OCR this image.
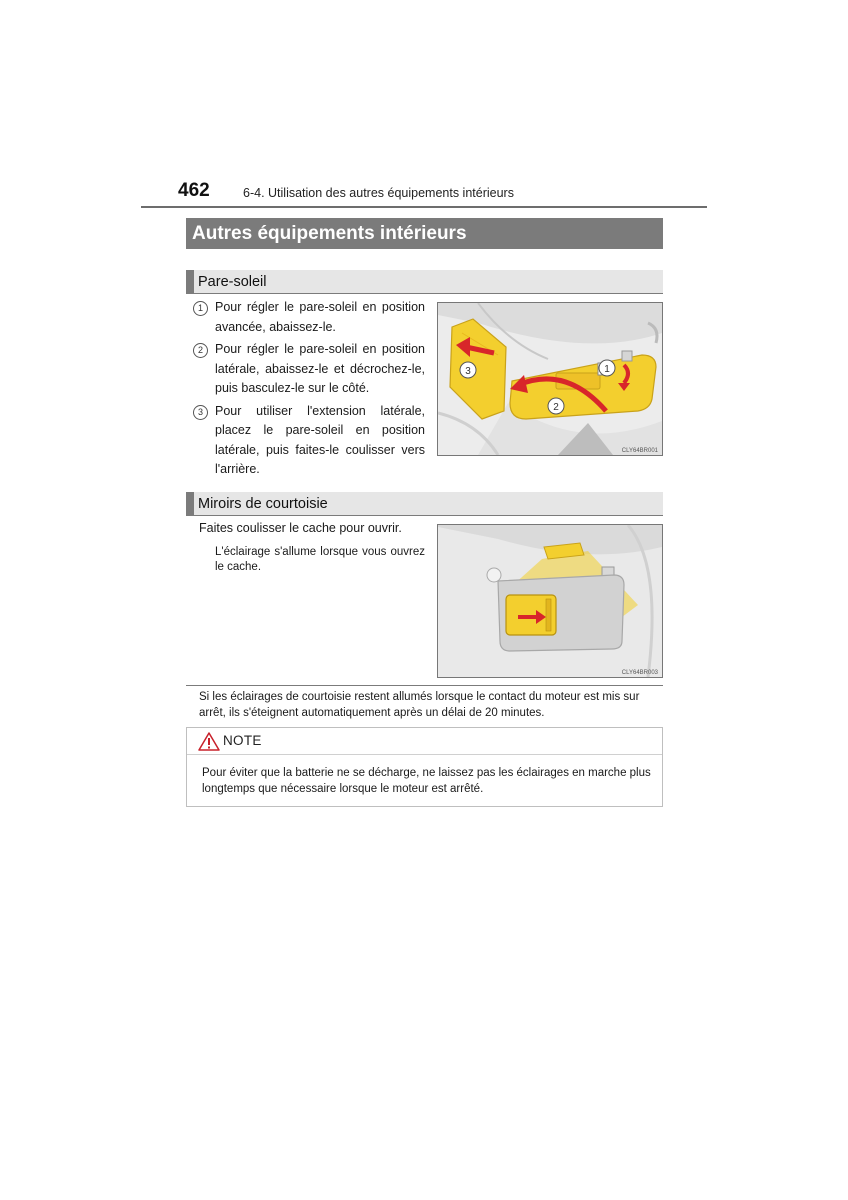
462	6-4. Utilisation des autres équipements intérieurs
Autres équipements intérieurs
Pare-soleil
1 Pour régler le pare-soleil en position avancée, abaissez-le.
2 Pour régler le pare-soleil en position latérale, abaissez-le et décrochez-le, puis basculez-le sur le côté.
3 Pour utiliser l'extension latérale, placez le pare-soleil en position latérale, puis faites-le coulisser vers l'arrière.
1
2
3
CLY64BR001
Miroirs de courtoisie
Faites coulisser le cache pour ouvrir.
L'éclairage s'allume lorsque vous ouvrez le cache.
CLY64BR003
Si les éclairages de courtoisie restent allumés lorsque le contact du moteur est mis sur arrêt, ils s'éteignent automatiquement après un délai de 20 minutes.
NOTE
Pour éviter que la batterie ne se décharge, ne laissez pas les éclairages en marche plus longtemps que nécessaire lorsque le moteur est arrêté.
